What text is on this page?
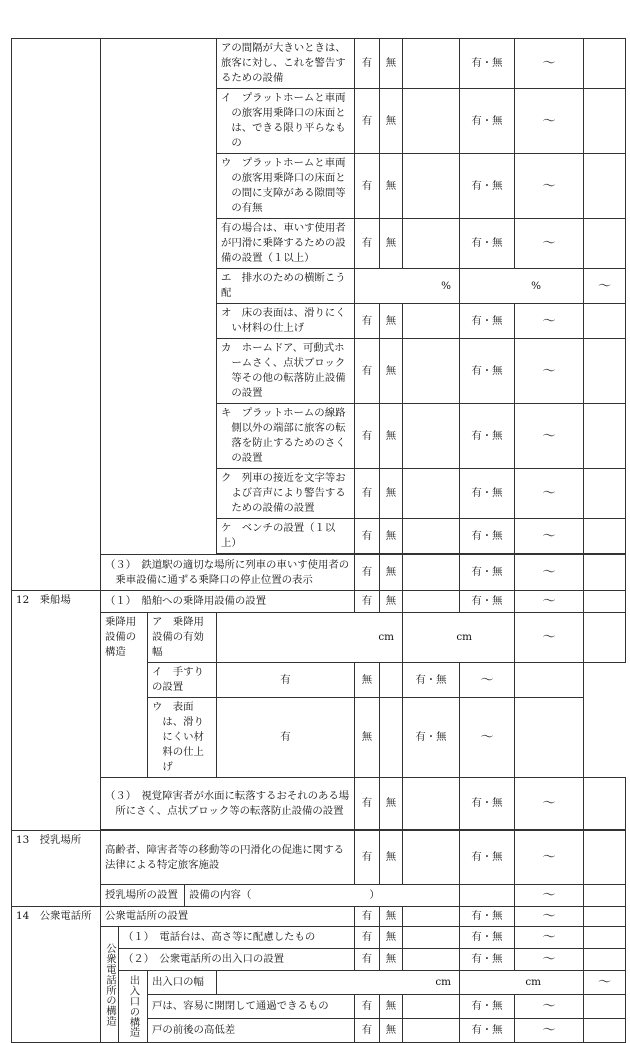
					アの間隔が大きいときは、旅客に対し、これを警告するための設備	有	無		有・無	～		

					イ　プラットホームと車両の旅客用乗降口の床面とは、できる限り平らなもの	有	無		有・無	～		

					ウ　プラットホームと車両の旅客用乗降口の床面との間に支障がある隙間等の有無	有	無		有・無	～		
					有の場合は、車いす使用者が円滑に乗降するための設備の設置（１以上）	有	無		有・無	～		
					エ　排水のための横断こう配	%			%		～	

					オ　床の表面は、滑りにくい材料の仕上げ	有	無		有・無	～		

					カ　ホームドア、可動式ホームさく、点状ブロック等その他の転落防止設備の設置	有	無		有・無	～		

					キ　プラットホームの線路側以外の端部に旅客の転落を防止するためのさくの設置	有	無		有・無	～		

					ク　列車の接近を文字等および音声により警告するための設備の設置	有	無		有・無	～		
					ケ　ベンチの設置（１以上）	有	無		有・無	～		

	（３）　鉄道駅の適切な場所に列車の車いす使用者の乗車設備に通ずる乗降口の停止位置の表示					有	無		有・無	～		
12　乗船場	（１）　船舶への乗降用設備の設置					有	無		有・無	～		
	乗降用設備の構造		ア　乗降用設備の有効幅		cm			cm		～		
			イ　手すりの設置		有	無		有・無	～			

			ウ　表面は、滑りにくい材料の仕上げ		有	無		有・無	～			

	（３）　視覚障害者が水面に転落するおそれのある場所にさく、点状ブロック等の転落防止設備の設置					有	無		有・無	～		

13　授乳場所	高齢者、障害者等の移動等の円滑化の促進に関する法律による特定旅客施設					有	無		有・無	～		
	授乳場所の設置			設備の内容（ ）						～		

14　公衆電話所	公衆電話所の設置					有	無		有・無	～		
	公衆電話所の構造	（１）　電話台は、高さ等に配慮したもの				有	無		有・無	～		
		（２）　公衆電話所の出入口の設置				有	無		有・無	～		
		出入口の構造	出入口の幅		cm				cm		～	
			戸は、容易に開閉して通過できるもの			有	無		有・無	～		
			戸の前後の高低差			有	無		有・無	～		
